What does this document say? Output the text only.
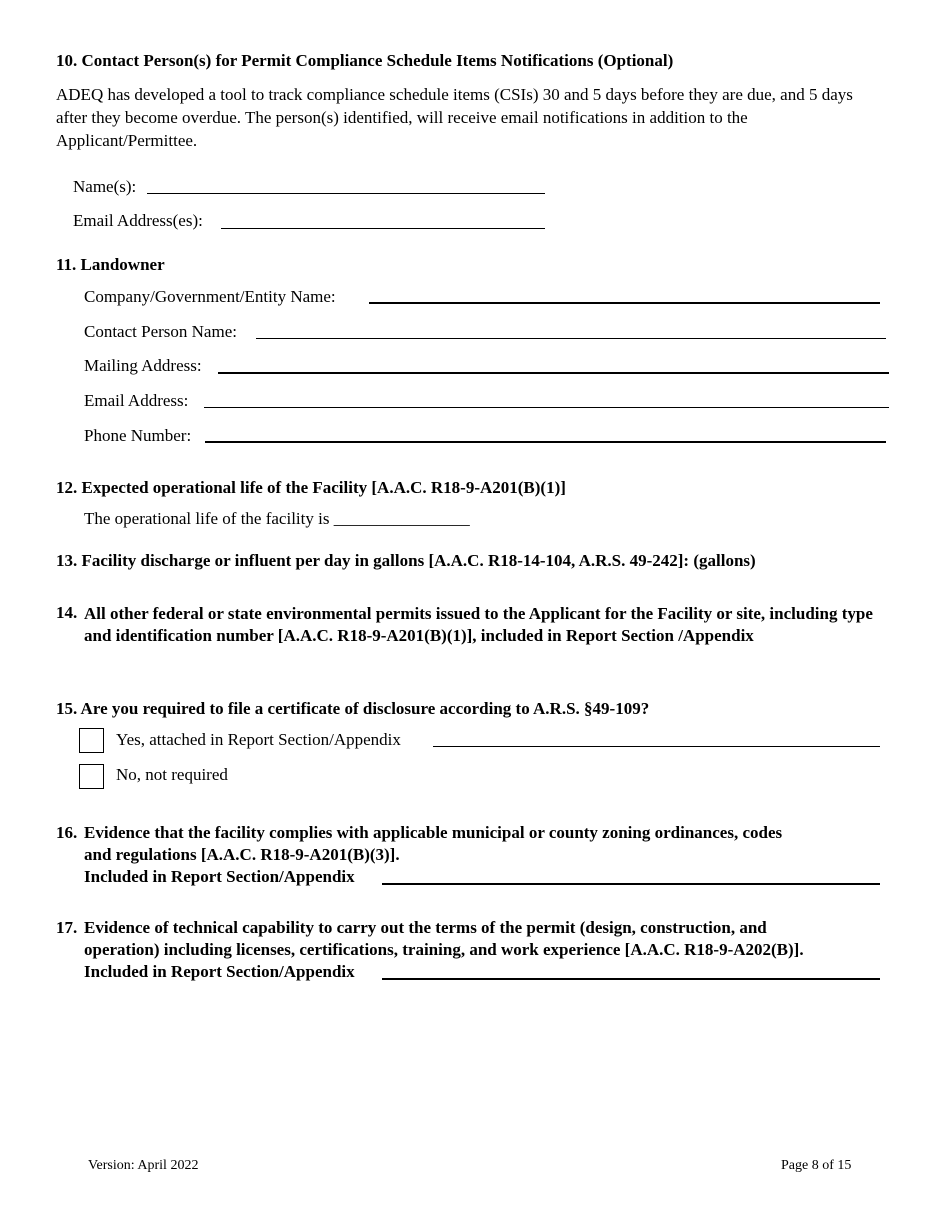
10. Contact Person(s) for Permit Compliance Schedule Items Notifications (Optional)
ADEQ has developed a tool to track compliance schedule items (CSIs) 30 and 5 days before they are due, and 5 days after they become overdue. The person(s) identified, will receive email notifications in addition to the Applicant/Permittee.
Name(s):
Email Address(es):
11. Landowner
Company/Government/Entity Name:
Contact Person Name:
Mailing Address:
Email Address:
Phone Number:
12. Expected operational life of the Facility [A.A.C. R18-9-A201(B)(1)]
The operational life of the facility is ________________
13. Facility discharge or influent per day in gallons [A.A.C. R18-14-104, A.R.S. 49-242]: (gallons)
14. All other federal or state environmental permits issued to the Applicant for the Facility or site, including type and identification number [A.A.C. R18-9-A201(B)(1)], included in Report Section /Appendix
15. Are you required to file a certificate of disclosure according to A.R.S. §49-109?
Yes, attached in Report Section/Appendix
No, not required
16. Evidence that the facility complies with applicable municipal or county zoning ordinances, codes
and regulations [A.A.C. R18-9-A201(B)(3)].
Included in Report Section/Appendix
17. Evidence of technical capability to carry out the terms of the permit (design, construction, and
operation) including licenses, certifications, training, and work experience [A.A.C. R18-9-A202(B)].
Included in Report Section/Appendix
Version: April 2022	Page 8 of 15
